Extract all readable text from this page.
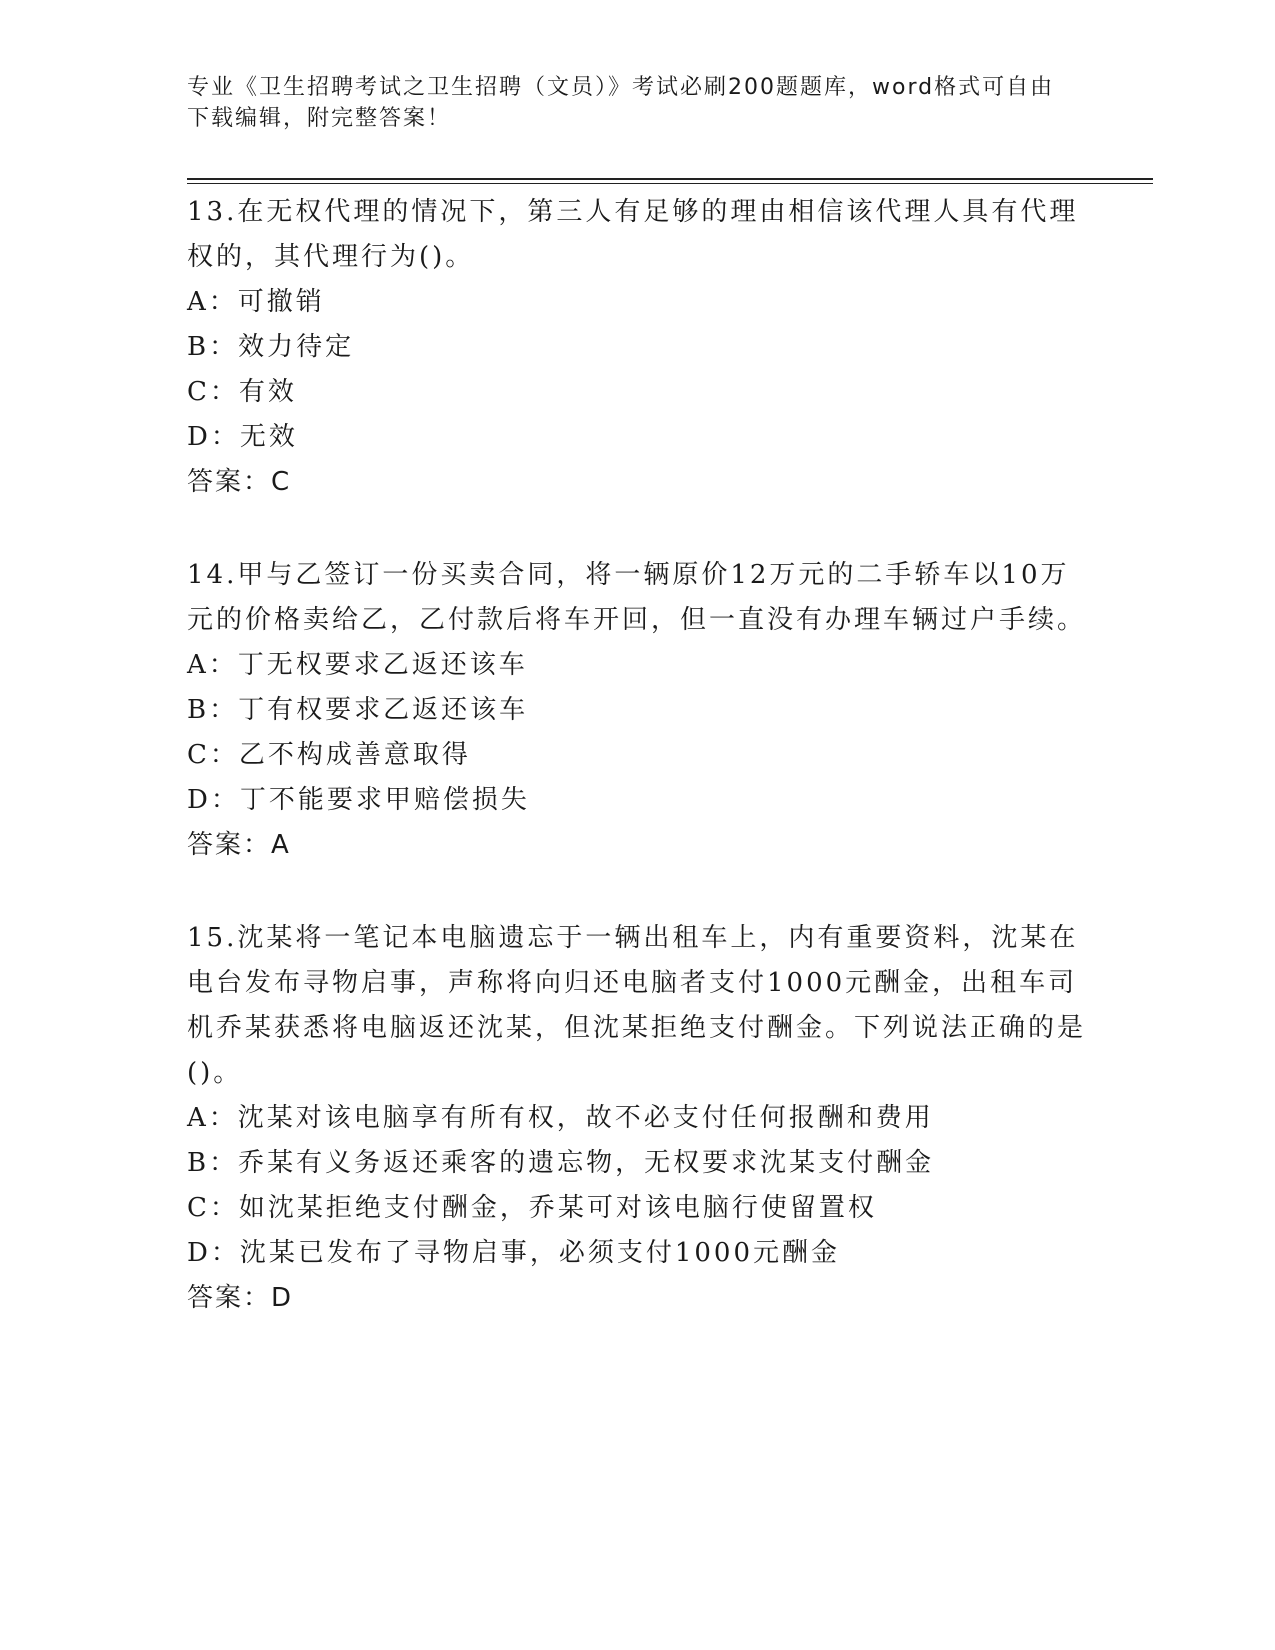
专业《卫生招聘考试之卫生招聘（文员）》考试必刷200题题库，word格式可自由下载编辑，附完整答案！

13.在无权代理的情况下，第三人有足够的理由相信该代理人具有代理权的，其代理行为()。

A：可撤销

B：效力待定

C：有效

D：无效

答案：C

14.甲与乙签订一份买卖合同，将一辆原价12万元的二手轿车以10万元的价格卖给乙，乙付款后将车开回，但一直没有办理车辆过户手续。

A：丁无权要求乙返还该车

B：丁有权要求乙返还该车

C：乙不构成善意取得

D：丁不能要求甲赔偿损失

答案：A

15.沈某将一笔记本电脑遗忘于一辆出租车上，内有重要资料，沈某在电台发布寻物启事，声称将向归还电脑者支付1000元酬金，出租车司机乔某获悉将电脑返还沈某，但沈某拒绝支付酬金。下列说法正确的是()。

A：沈某对该电脑享有所有权，故不必支付任何报酬和费用

B：乔某有义务返还乘客的遗忘物，无权要求沈某支付酬金

C：如沈某拒绝支付酬金，乔某可对该电脑行使留置权

D：沈某已发布了寻物启事，必须支付1000元酬金

答案：D
